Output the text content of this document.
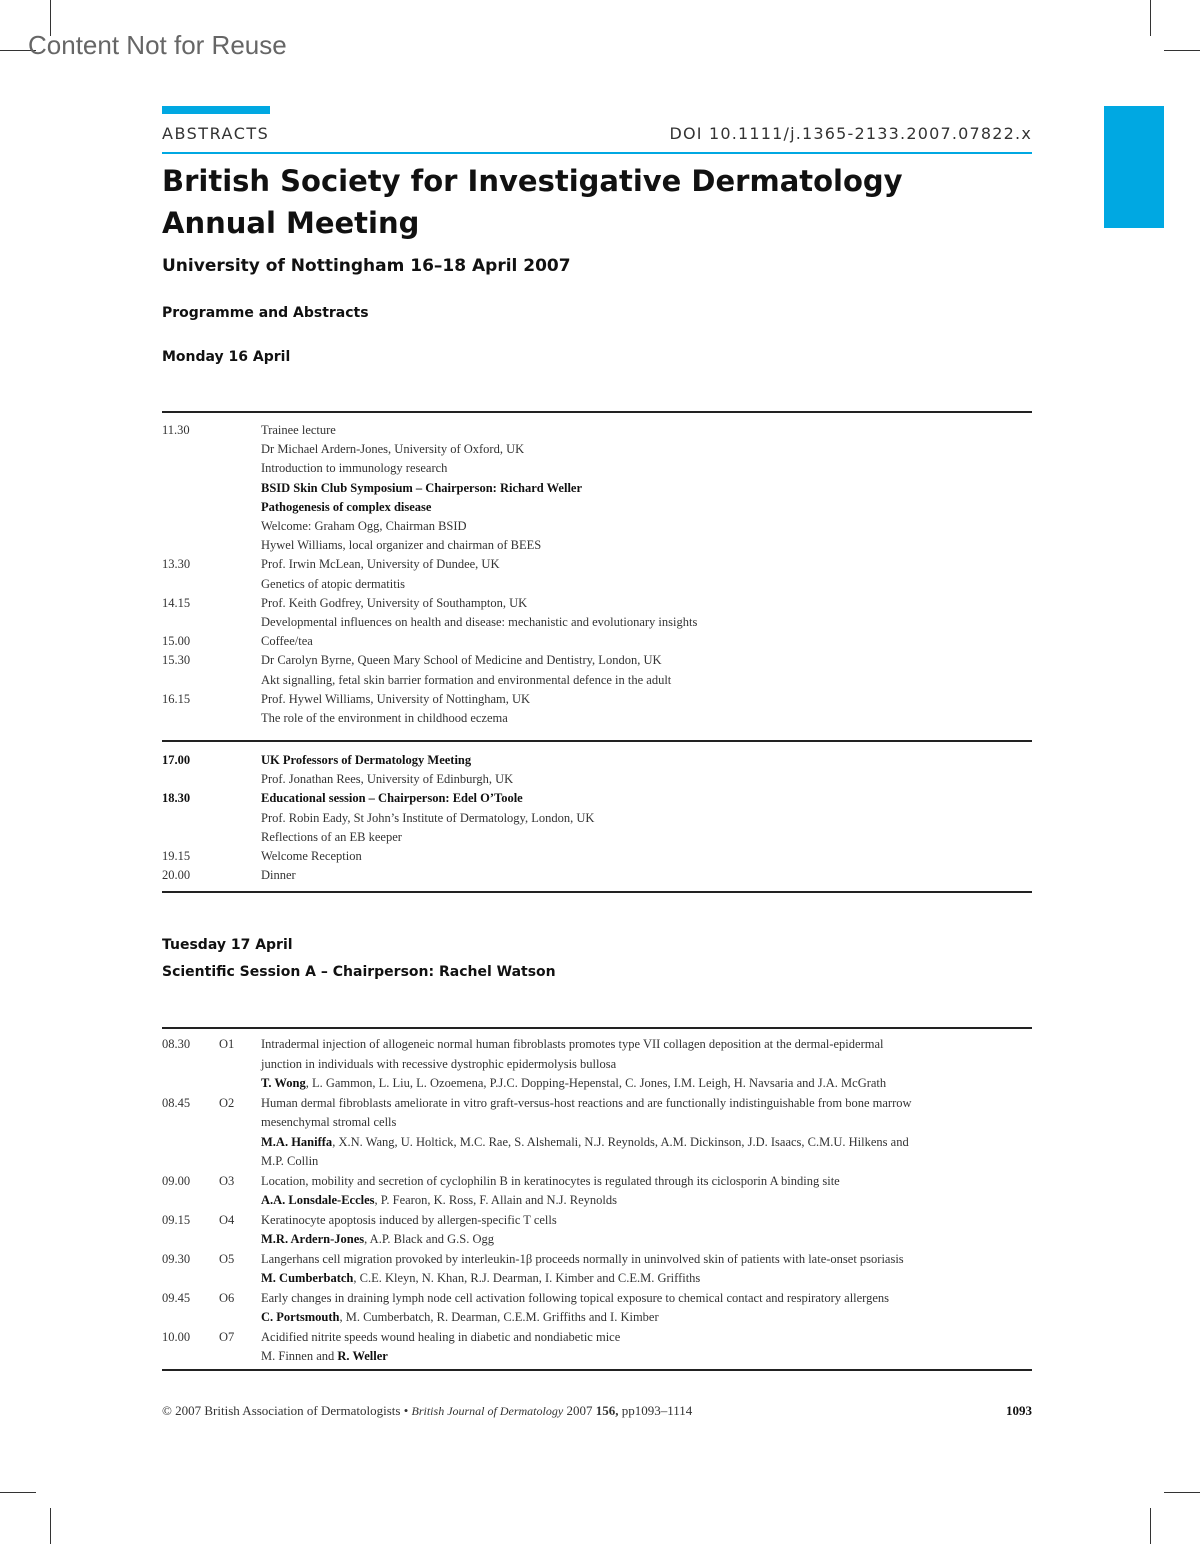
Content Not for Reuse
ABSTRACTS	DOI 10.1111/j.1365-2133.2007.07822.x
British Society for Investigative Dermatology Annual Meeting
University of Nottingham 16–18 April 2007
Programme and Abstracts
Monday 16 April
11.30	Trainee lecture
Dr Michael Ardern-Jones, University of Oxford, UK
Introduction to immunology research
BSID Skin Club Symposium – Chairperson: Richard Weller
Pathogenesis of complex disease
Welcome: Graham Ogg, Chairman BSID
Hywel Williams, local organizer and chairman of BEES
13.30	Prof. Irwin McLean, University of Dundee, UK
Genetics of atopic dermatitis
14.15	Prof. Keith Godfrey, University of Southampton, UK
Developmental influences on health and disease: mechanistic and evolutionary insights
15.00	Coffee/tea
15.30	Dr Carolyn Byrne, Queen Mary School of Medicine and Dentistry, London, UK
Akt signalling, fetal skin barrier formation and environmental defence in the adult
16.15	Prof. Hywel Williams, University of Nottingham, UK
The role of the environment in childhood eczema
17.00	UK Professors of Dermatology Meeting
Prof. Jonathan Rees, University of Edinburgh, UK
18.30	Educational session – Chairperson: Edel O’Toole
Prof. Robin Eady, St John’s Institute of Dermatology, London, UK
Reflections of an EB keeper
19.15	Welcome Reception
20.00	Dinner
Tuesday 17 April
Scientific Session A – Chairperson: Rachel Watson
08.30	O1	Intradermal injection of allogeneic normal human fibroblasts promotes type VII collagen deposition at the dermal-epidermal
junction in individuals with recessive dystrophic epidermolysis bullosa
T. Wong, L. Gammon, L. Liu, L. Ozoemena, P.J.C. Dopping-Hepenstal, C. Jones, I.M. Leigh, H. Navsaria and J.A. McGrath
08.45	O2	Human dermal fibroblasts ameliorate in vitro graft-versus-host reactions and are functionally indistinguishable from bone marrow
mesenchymal stromal cells
M.A. Haniffa, X.N. Wang, U. Holtick, M.C. Rae, S. Alshemali, N.J. Reynolds, A.M. Dickinson, J.D. Isaacs, C.M.U. Hilkens and
M.P. Collin
09.00	O3	Location, mobility and secretion of cyclophilin B in keratinocytes is regulated through its ciclosporin A binding site
A.A. Lonsdale-Eccles, P. Fearon, K. Ross, F. Allain and N.J. Reynolds
09.15	O4	Keratinocyte apoptosis induced by allergen-specific T cells
M.R. Ardern-Jones, A.P. Black and G.S. Ogg
09.30	O5	Langerhans cell migration provoked by interleukin-1β proceeds normally in uninvolved skin of patients with late-onset psoriasis
M. Cumberbatch, C.E. Kleyn, N. Khan, R.J. Dearman, I. Kimber and C.E.M. Griffiths
09.45	O6	Early changes in draining lymph node cell activation following topical exposure to chemical contact and respiratory allergens
C. Portsmouth, M. Cumberbatch, R. Dearman, C.E.M. Griffiths and I. Kimber
10.00	O7	Acidified nitrite speeds wound healing in diabetic and nondiabetic mice
M. Finnen and R. Weller
© 2007 British Association of Dermatologists • British Journal of Dermatology 2007 156, pp1093–1114	1093
